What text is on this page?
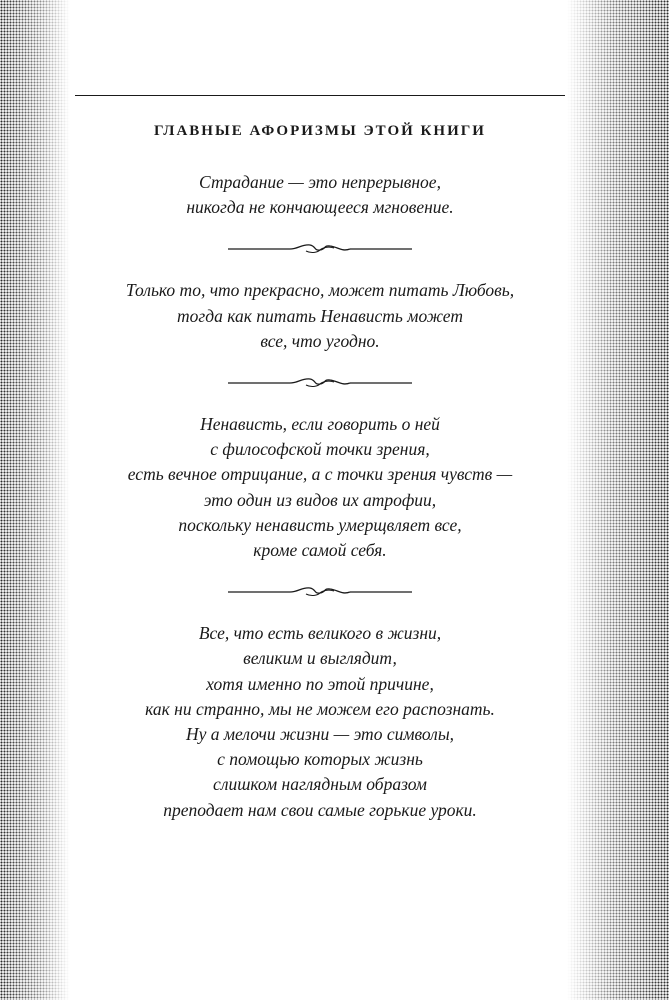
ГЛАВНЫЕ АФОРИЗМЫ ЭТОЙ КНИГИ

Страдание — это непрерывное,
никогда не кончающееся мгновение.

Только то, что прекрасно, может питать Любовь,
тогда как питать Ненависть может
все, что угодно.

Ненависть, если говорить о ней
с философской точки зрения,
есть вечное отрицание, а с точки зрения чувств —
это один из видов их атрофии,
поскольку ненависть умерщвляет все,
кроме самой себя.

Все, что есть великого в жизни,
великим и выглядит,
хотя именно по этой причине,
как ни странно, мы не можем его распознать.
Ну а мелочи жизни — это символы,
с помощью которых жизнь
слишком наглядным образом
преподает нам свои самые горькие уроки.
